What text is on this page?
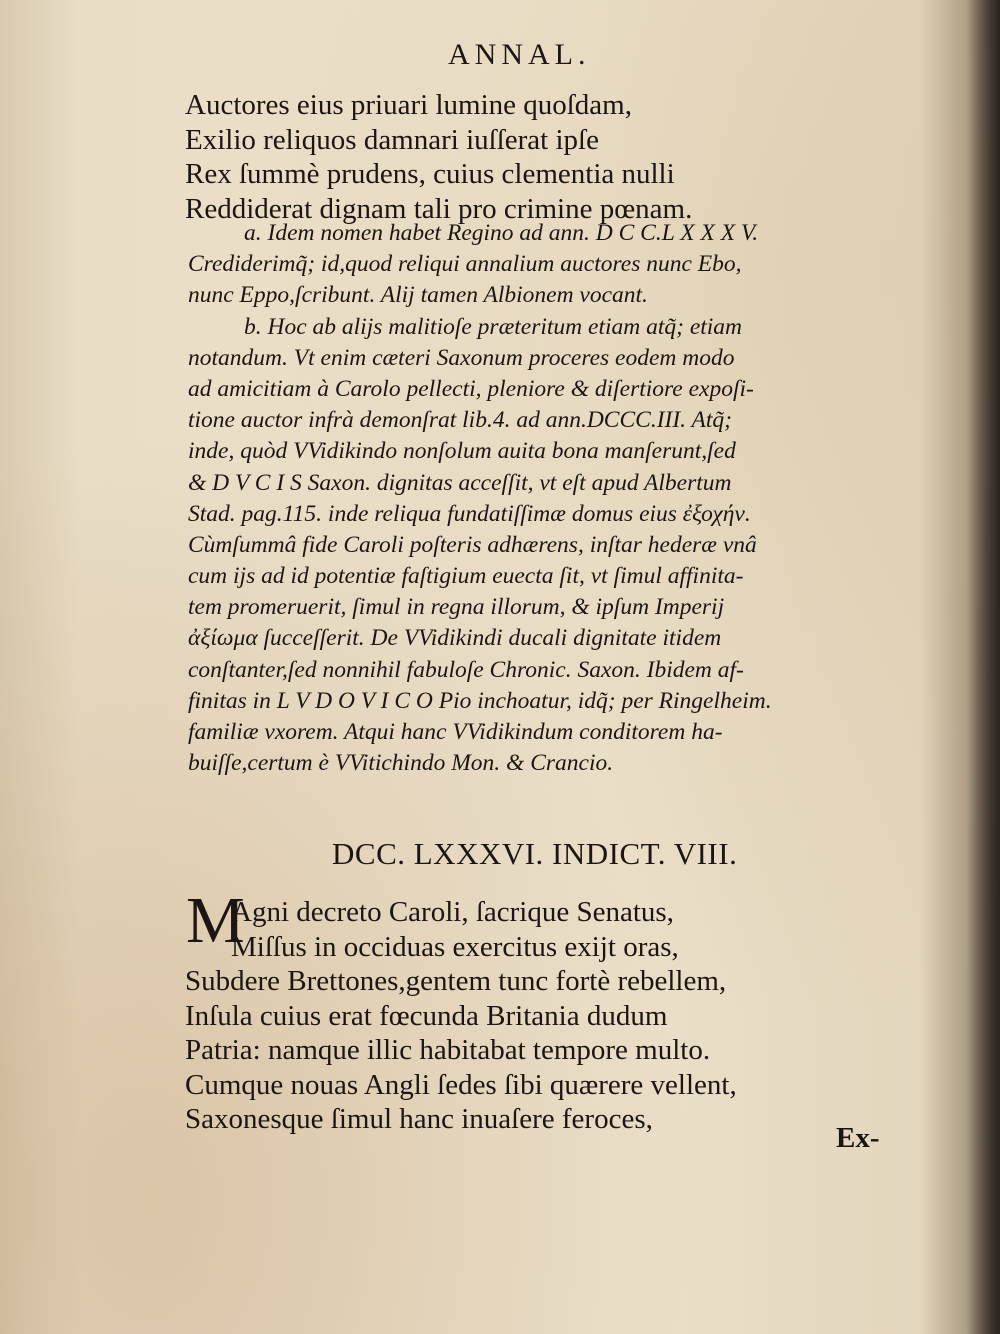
ANNAL.
Auctores eius priuari lumine quoſdam,
Exilio reliquos damnari iuſſerat ipſe
Rex ſummè prudens, cuius clementia nulli
Reddiderat dignam tali pro crimine pœnam.
a. Idem nomen habet Regino ad ann. D C C.L X X X V.
Crediderimq̃; id,quod reliqui annalium auctores nunc Ebo,
nunc Eppo,ſcribunt. Alij tamen Albionem vocant.
b. Hoc ab alijs malitioſe præteritum etiam atq̃; etiam
notandum. Vt enim cæteri Saxonum proceres eodem modo
ad amicitiam à Carolo pellecti, pleniore & diſertiore expoſi-
tione auctor infrà demonſrat lib.4. ad ann.DCCC.III. Atq̃;
inde, quòd VVidikindo nonſolum auita bona manſerunt,ſed
& D V C I S Saxon. dignitas acceſſit, vt eſt apud Albertum
Stad. pag.115. inde reliqua fundatiſſimæ domus eius ἐξοχήν.
Cùmſummâ fide Caroli poſteris adhærens, inſtar hederæ vnâ
cum ijs ad id potentiæ faſtigium euecta ſit, vt ſimul affinita-
tem promeruerit, ſimul in regna illorum, & ipſum Imperij
ἀξίωμα ſucceſſerit. De VVidikindi ducali dignitate itidem
conſtanter,ſed nonnihil fabuloſe Chronic. Saxon. Ibidem af-
finitas in L V D O V I C O Pio inchoatur, idq̃; per Ringelheim.
familiæ vxorem. Atqui hanc VVidikindum conditorem ha-
buiſſe,certum è VVitichindo Mon. & Crancio.
DCC. LXXXVI. INDICT. VIII.
M
Agni decreto Caroli, ſacrique Senatus,
Miſſus in occiduas exercitus exijt oras,
Subdere Brettones,gentem tunc fortè rebellem,
Inſula cuius erat fœcunda Britania dudum
Patria: namque illic habitabat tempore multo.
Cumque nouas Angli ſedes ſibi quærere vellent,
Saxonesque ſimul hanc inuaſere feroces,
Ex-
